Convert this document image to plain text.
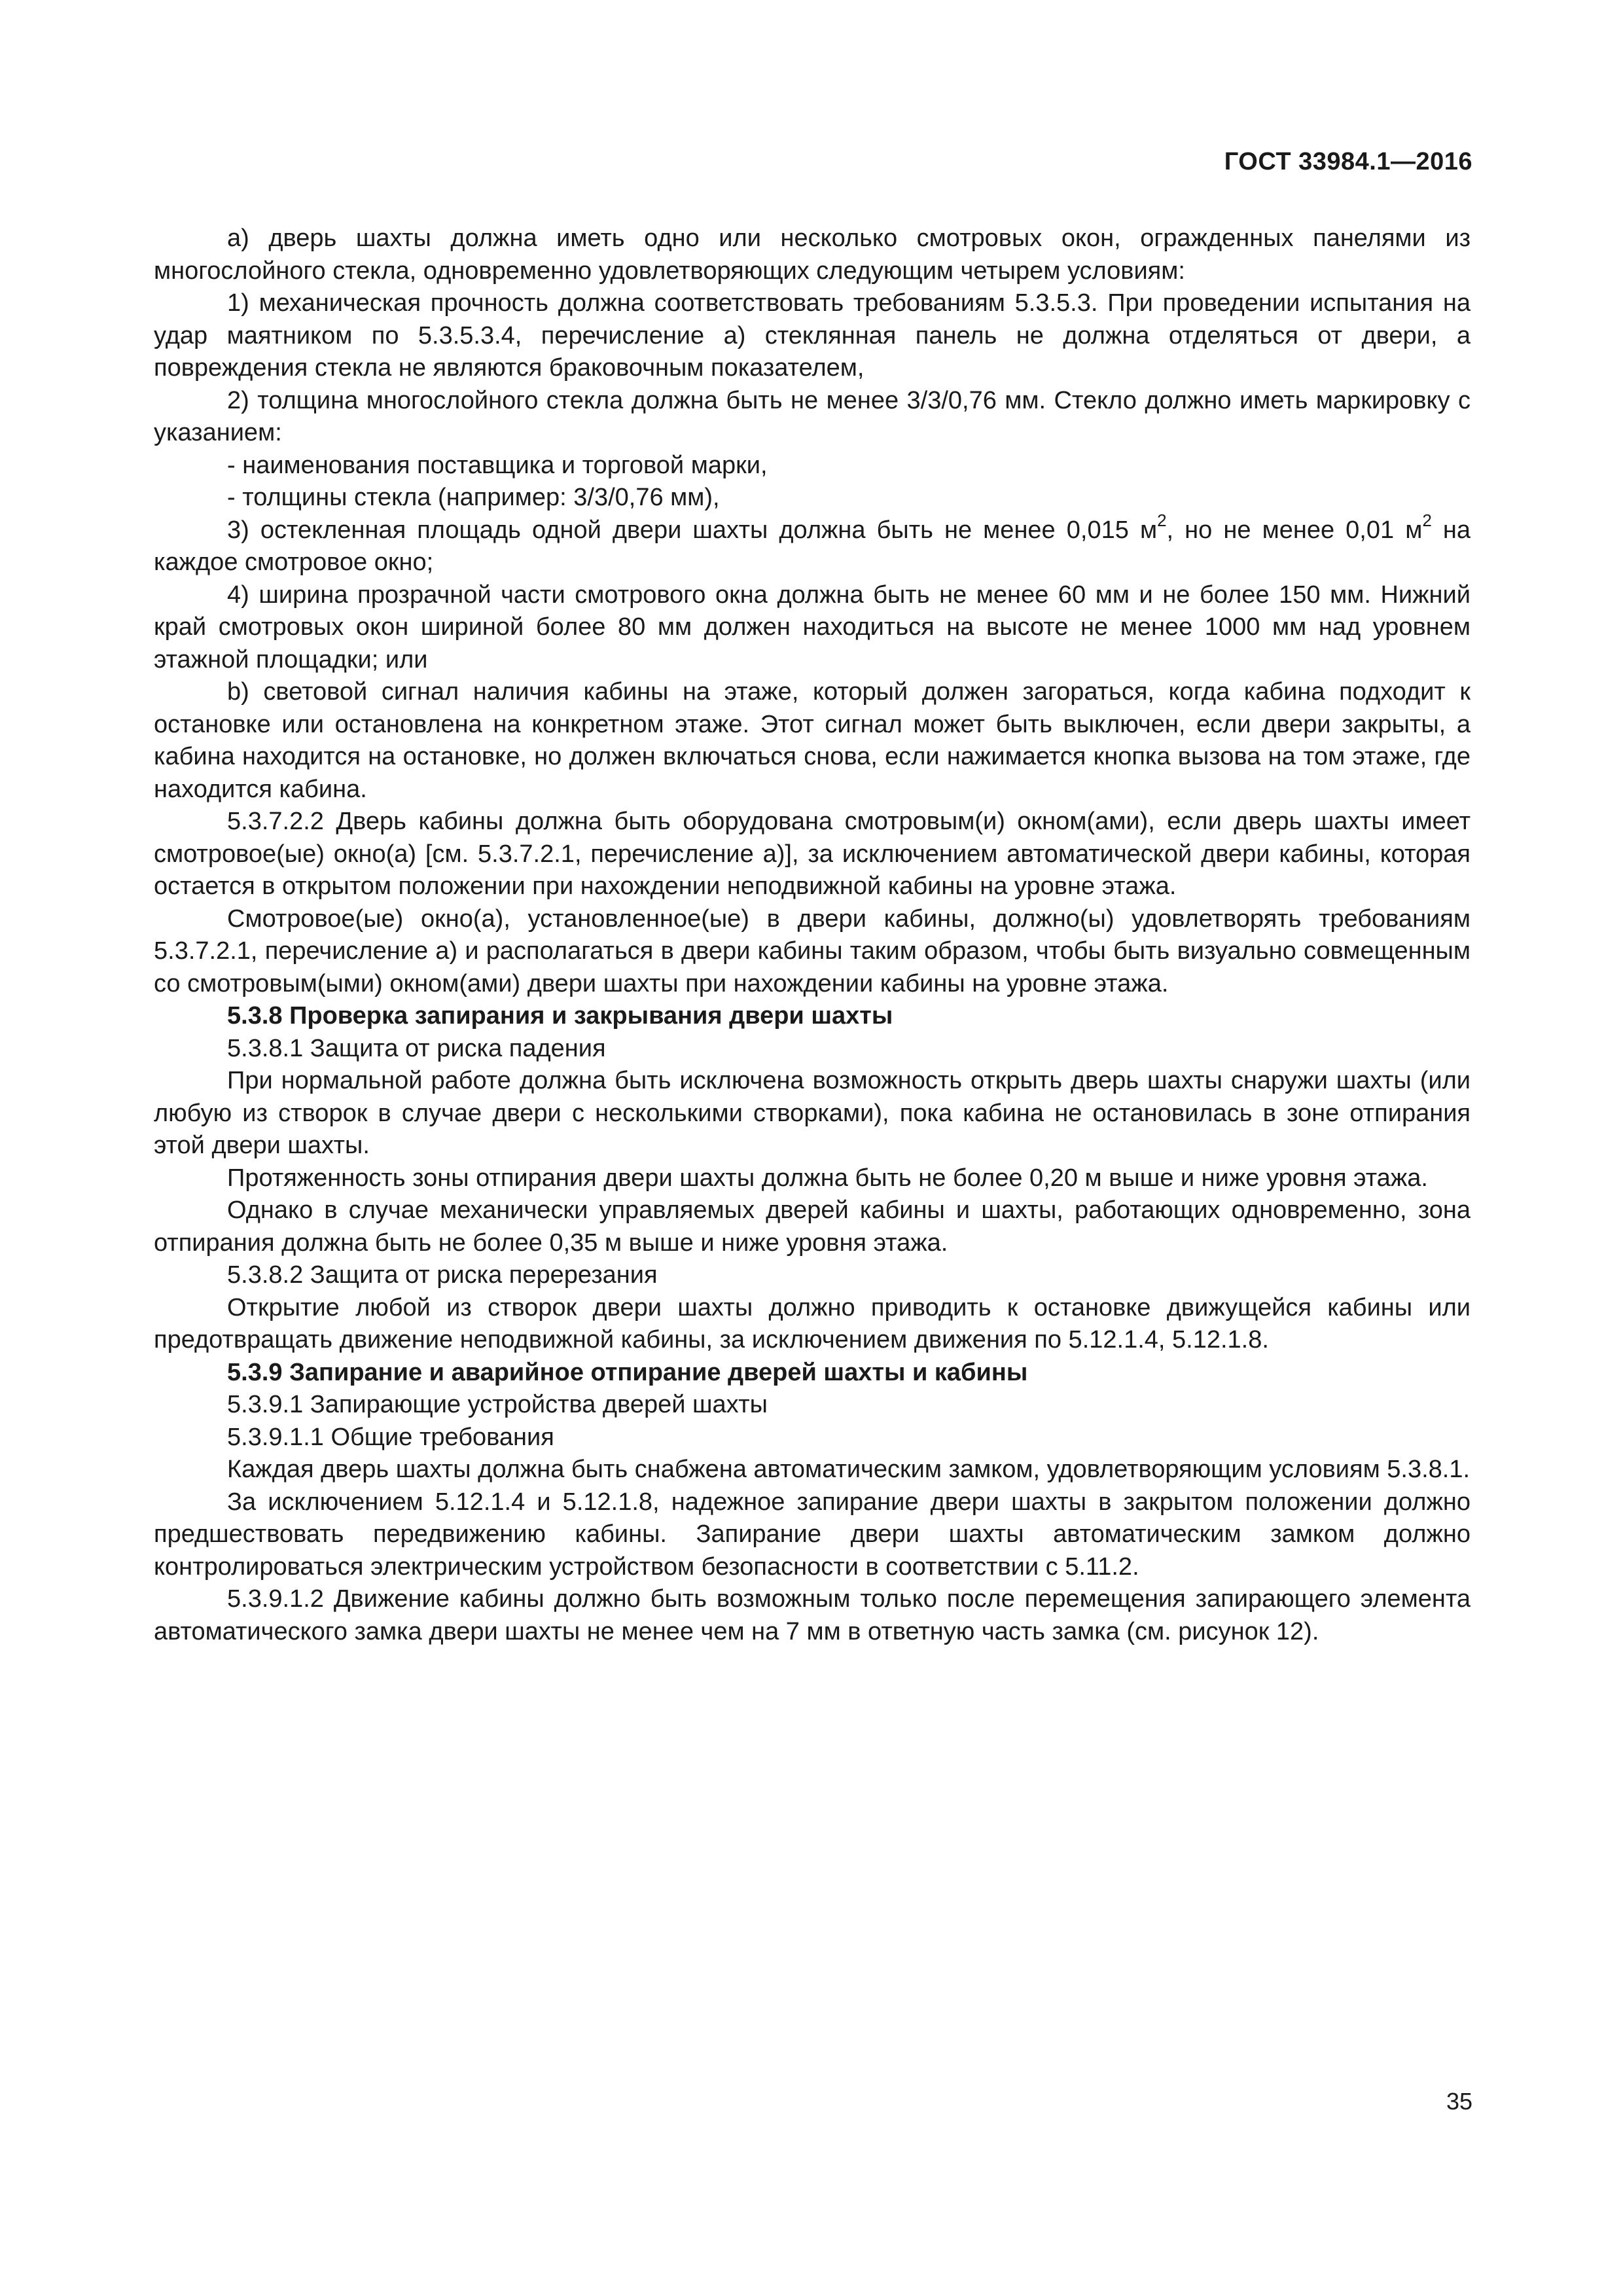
ГОСТ 33984.1—2016

а) дверь шахты должна иметь одно или несколько смотровых окон, огражденных панелями из многослойного стекла, одновременно удовлетворяющих следующим четырем условиям:

1) механическая прочность должна соответствовать требованиям 5.3.5.3. При проведении испытания на удар маятником по 5.3.5.3.4, перечисление а) стеклянная панель не должна отделяться от двери, а повреждения стекла не являются браковочным показателем,

2) толщина многослойного стекла должна быть не менее 3/3/0,76 мм. Стекло должно иметь маркировку с указанием:

- наименования поставщика и торговой марки,

- толщины стекла (например: 3/3/0,76 мм),

3) остекленная площадь одной двери шахты должна быть не менее 0,015 $м^2$, но не менее 0,01 $м^2$ на каждое смотровое окно;

4) ширина прозрачной части смотрового окна должна быть не менее 60 мм и не более 150 мм. Нижний край смотровых окон шириной более 80 мм должен находиться на высоте не менее 1000 мм над уровнем этажной площадки; или

b) световой сигнал наличия кабины на этаже, который должен загораться, когда кабина подходит к остановке или остановлена на конкретном этаже. Этот сигнал может быть выключен, если двери закрыты, а кабина находится на остановке, но должен включаться снова, если нажимается кнопка вызова на том этаже, где находится кабина.

5.3.7.2.2 Дверь кабины должна быть оборудована смотровым(и) окном(ами), если дверь шахты имеет смотровое(ые) окно(а) [см. 5.3.7.2.1, перечисление а)], за исключением автоматической двери кабины, которая остается в открытом положении при нахождении неподвижной кабины на уровне этажа.

Смотровое(ые) окно(а), установленное(ые) в двери кабины, должно(ы) удовлетворять требованиям 5.3.7.2.1, перечисление а) и располагаться в двери кабины таким образом, чтобы быть визуально совмещенным со смотровым(ыми) окном(ами) двери шахты при нахождении кабины на уровне этажа.

5.3.8 Проверка запирания и закрывания двери шахты

5.3.8.1 Защита от риска падения

При нормальной работе должна быть исключена возможность открыть дверь шахты снаружи шахты (или любую из створок в случае двери с несколькими створками), пока кабина не остановилась в зоне отпирания этой двери шахты.

Протяженность зоны отпирания двери шахты должна быть не более 0,20 м выше и ниже уровня этажа.

Однако в случае механически управляемых дверей кабины и шахты, работающих одновременно, зона отпирания должна быть не более 0,35 м выше и ниже уровня этажа.

5.3.8.2 Защита от риска перерезания

Открытие любой из створок двери шахты должно приводить к остановке движущейся кабины или предотвращать движение неподвижной кабины, за исключением движения по 5.12.1.4, 5.12.1.8.

5.3.9 Запирание и аварийное отпирание дверей шахты и кабины

5.3.9.1 Запирающие устройства дверей шахты

5.3.9.1.1 Общие требования

Каждая дверь шахты должна быть снабжена автоматическим замком, удовлетворяющим условиям 5.3.8.1.

За исключением 5.12.1.4 и 5.12.1.8, надежное запирание двери шахты в закрытом положении должно предшествовать передвижению кабины. Запирание двери шахты автоматическим замком должно контролироваться электрическим устройством безопасности в соответствии с 5.11.2.

5.3.9.1.2 Движение кабины должно быть возможным только после перемещения запирающего элемента автоматического замка двери шахты не менее чем на 7 мм в ответную часть замка (см. рисунок 12).

35
